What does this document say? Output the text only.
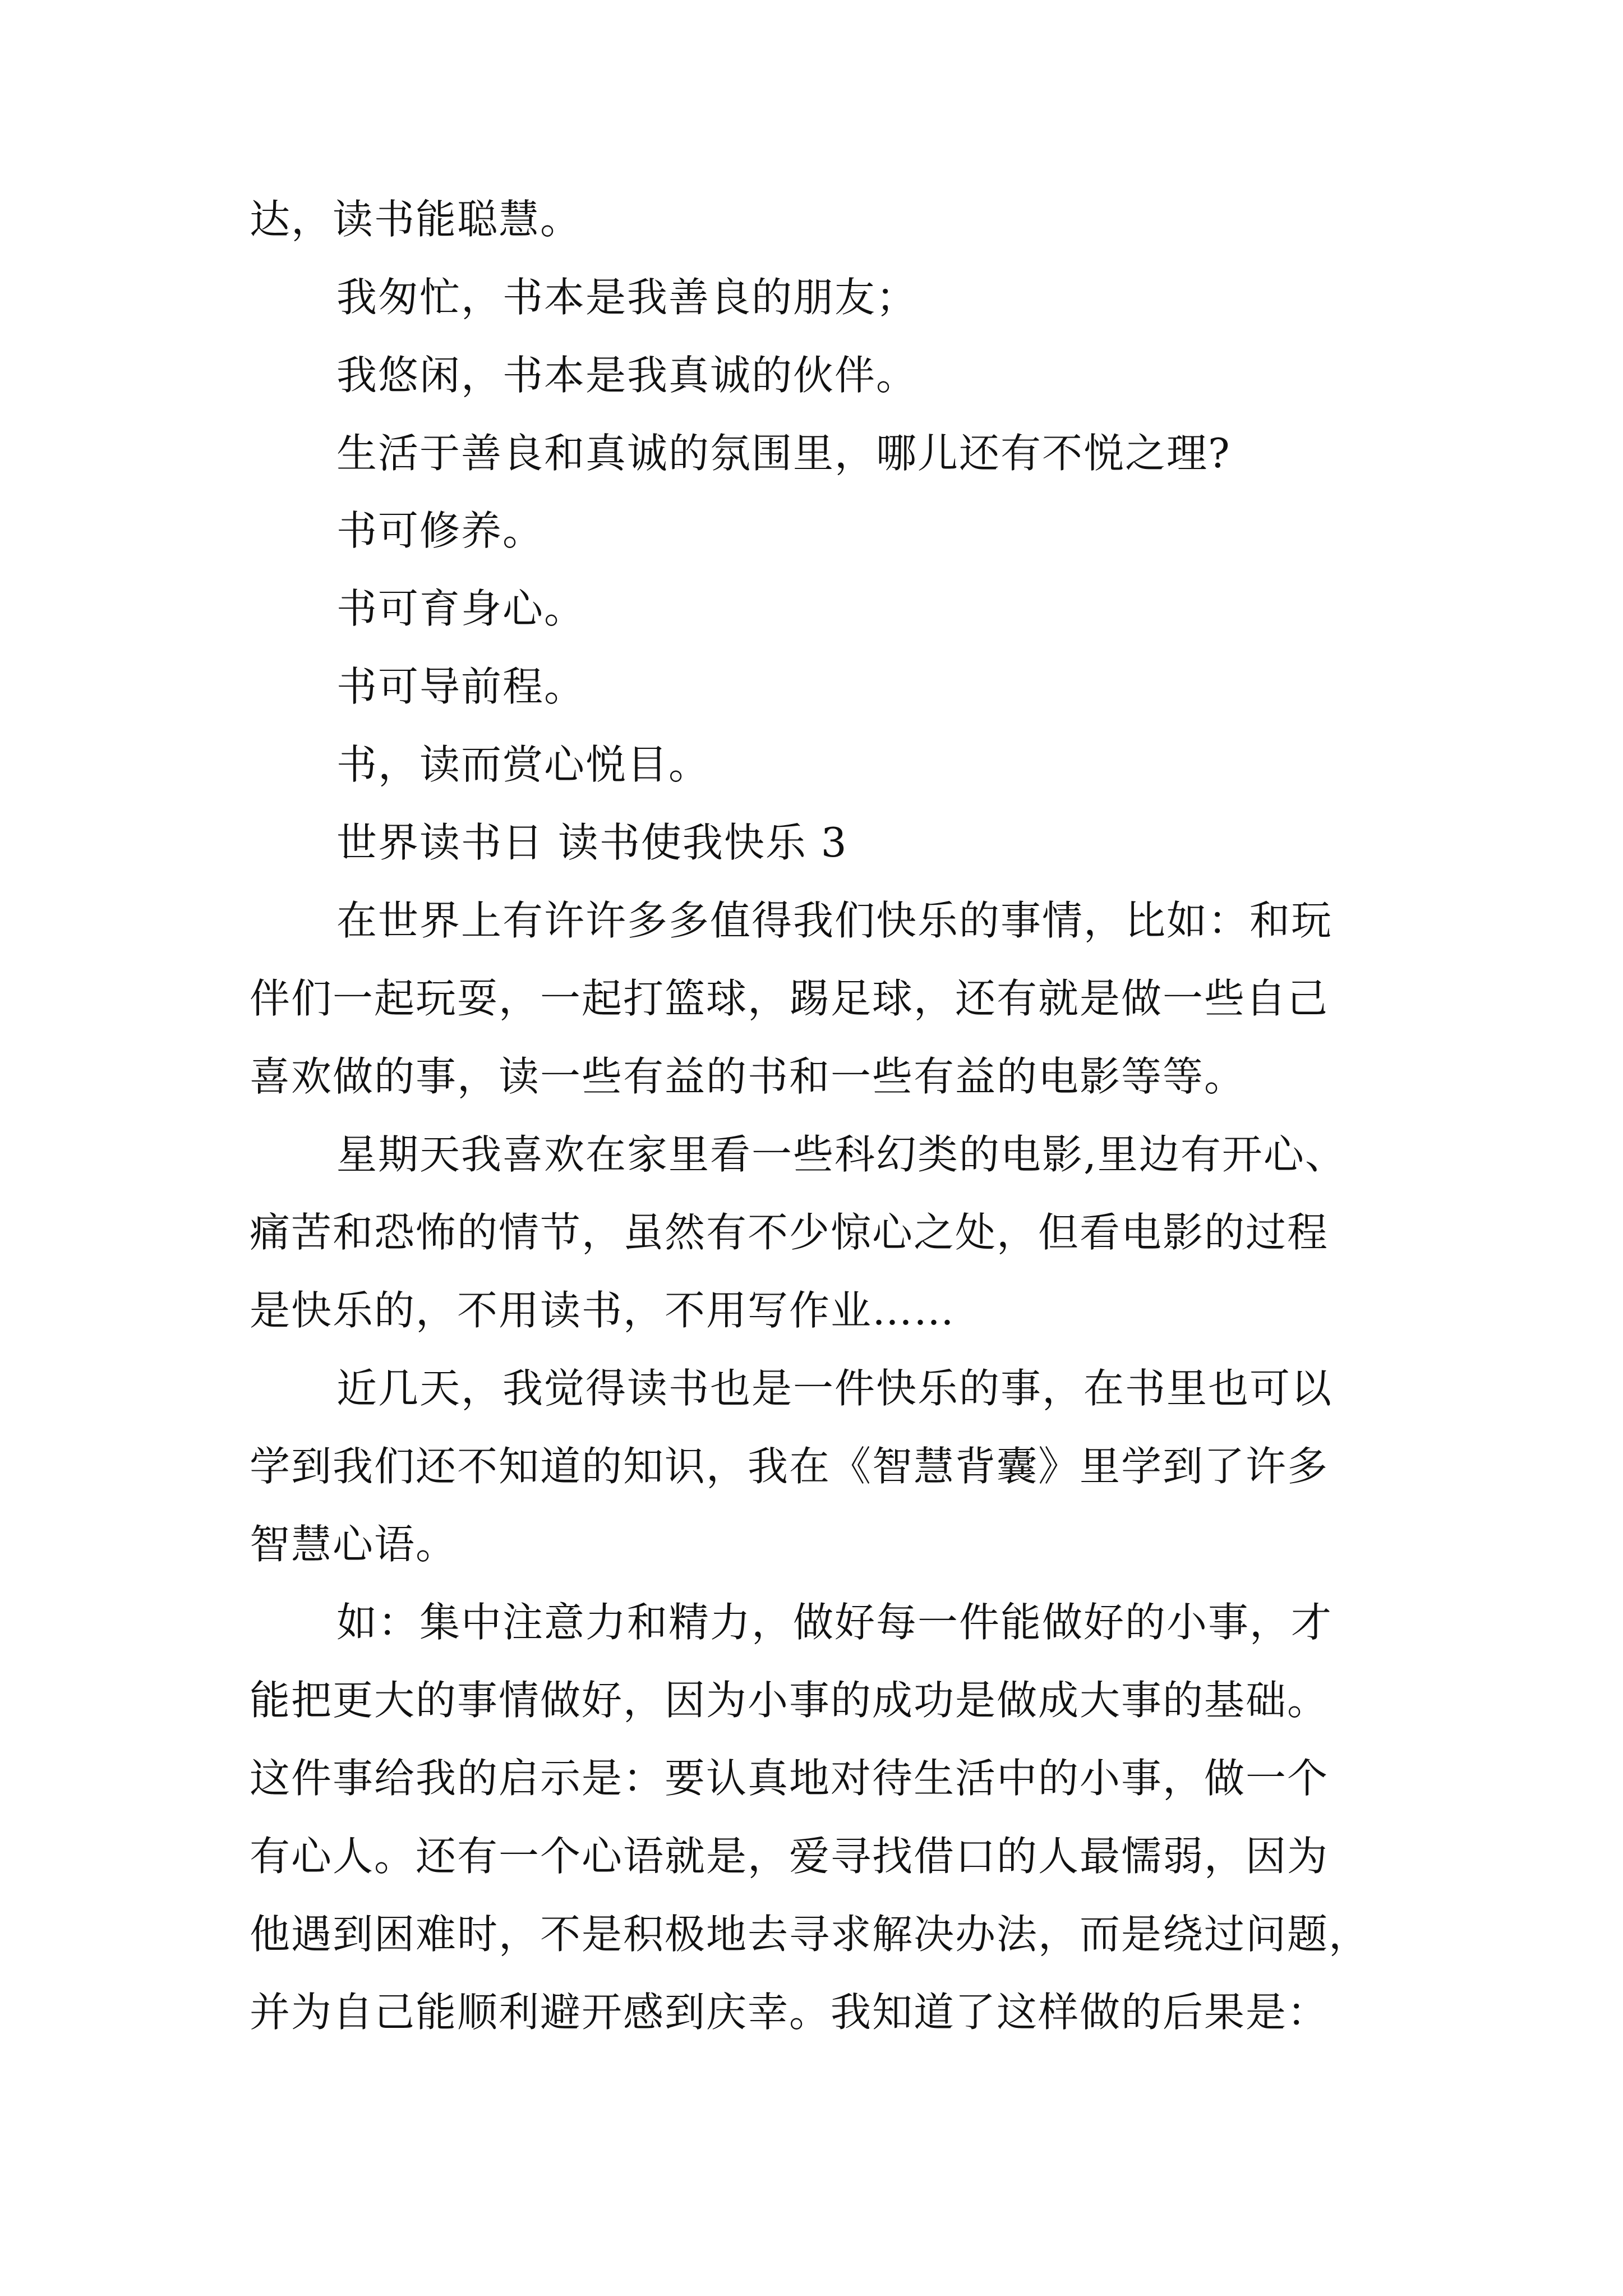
达，读书能聪慧。
我匆忙，书本是我善良的朋友；
我悠闲，书本是我真诚的伙伴。
生活于善良和真诚的氛围里，哪儿还有不悦之理?
书可修养。
书可育身心。
书可导前程。
书，读而赏心悦目。
世界读书日 读书使我快乐 3
在世界上有许许多多值得我们快乐的事情，比如：和玩
伴们一起玩耍，一起打篮球，踢足球，还有就是做一些自己
喜欢做的事，读一些有益的书和一些有益的电影等等。
星期天我喜欢在家里看一些科幻类的电影,里边有开心、
痛苦和恐怖的情节，虽然有不少惊心之处，但看电影的过程
是快乐的，不用读书，不用写作业……
近几天，我觉得读书也是一件快乐的事，在书里也可以
学到我们还不知道的知识，我在《智慧背囊》里学到了许多
智慧心语。
如：集中注意力和精力，做好每一件能做好的小事，才
能把更大的事情做好，因为小事的成功是做成大事的基础。
这件事给我的启示是：要认真地对待生活中的小事，做一个
有心人。还有一个心语就是，爱寻找借口的人最懦弱，因为
他遇到困难时，不是积极地去寻求解决办法，而是绕过问题，
并为自己能顺利避开感到庆幸。我知道了这样做的后果是：
